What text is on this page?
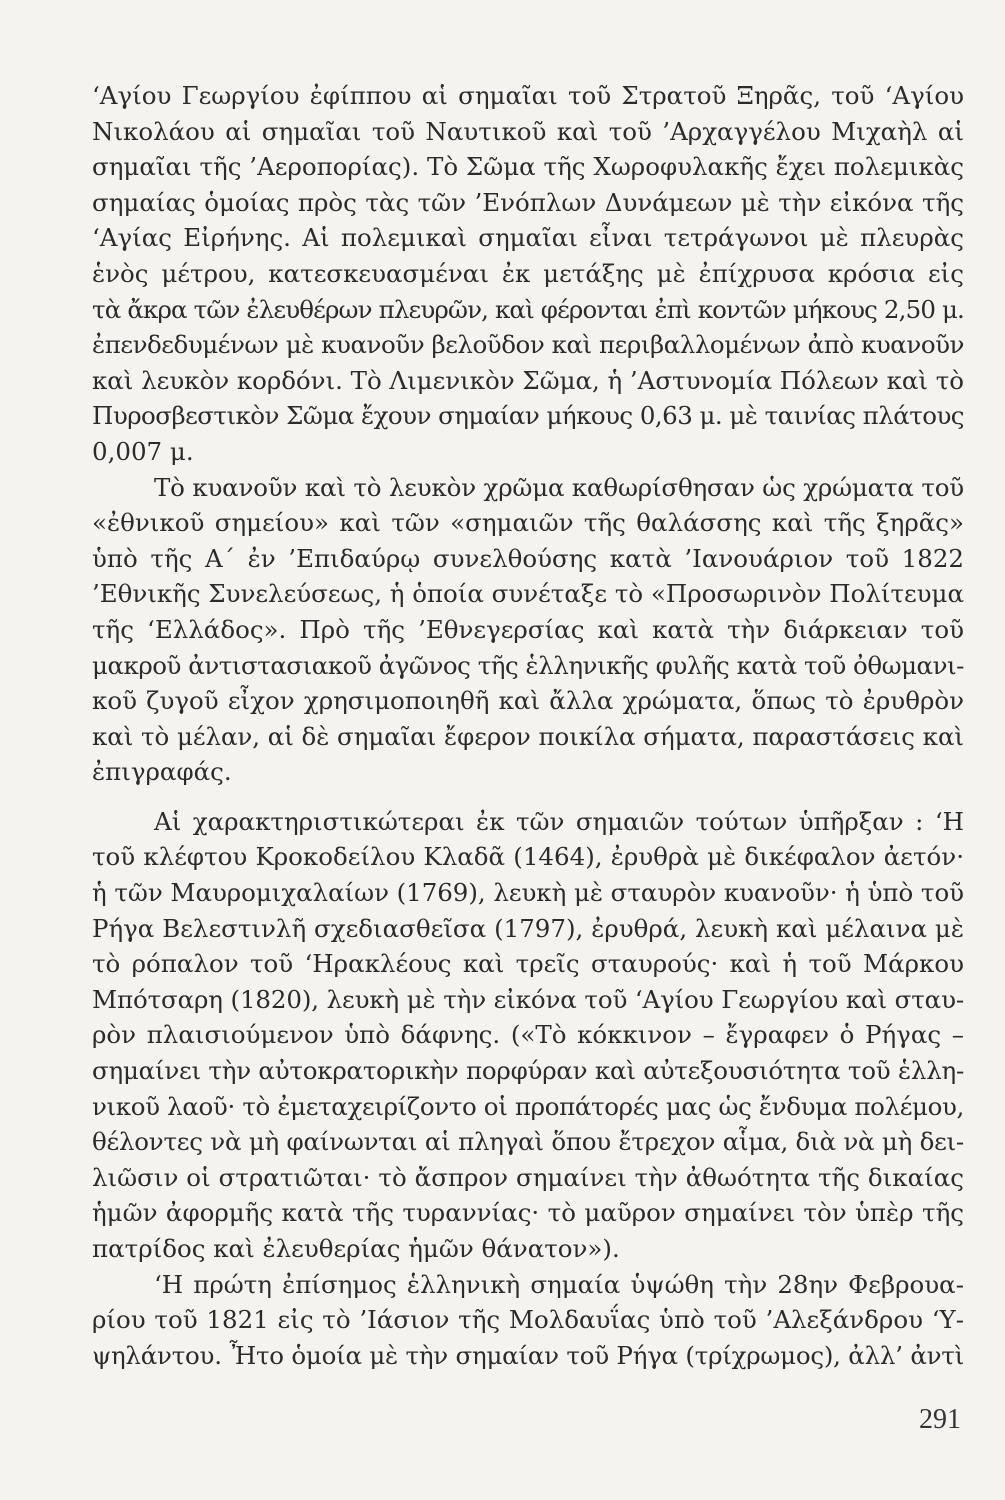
‘Αγίου Γεωργίου ἐφίππου αἱ σημαῖαι τοῦ Στρατοῦ Ξηρᾶς, τοῦ ‘Αγίου
Νικολάου αἱ σημαῖαι τοῦ Ναυτικοῦ καὶ τοῦ ’Αρχαγγέλου Μιχαὴλ αἱ
σημαῖαι τῆς ’Αεροπορίας). Τὸ Σῶμα τῆς Χωροφυλακῆς ἔχει πολεμικὰς
σημαίας ὁμοίας πρὸς τὰς τῶν ’Ενόπλων Δυνάμεων μὲ τὴν εἰκόνα τῆς
‘Αγίας Εἰρήνης. Αἱ πολεμικαὶ σημαῖαι εἶναι τετράγωνοι μὲ πλευρὰς
ἑνὸς μέτρου, κατεσκευασμέναι ἐκ μετάξης μὲ ἐπίχρυσα κρόσια εἰς
τὰ ἄκρα τῶν ἐλευθέρων πλευρῶν, καὶ φέρονται ἐπὶ κοντῶν μήκους 2,50 μ.
ἐπενδεδυμένων μὲ κυανοῦν βελοῦδον καὶ περιβαλλομένων ἀπὸ κυανοῦν
καὶ λευκὸν κορδόνι. Τὸ Λιμενικὸν Σῶμα, ἡ ’Αστυνομία Πόλεων καὶ τὸ
Πυροσβεστικὸν Σῶμα ἔχουν σημαίαν μήκους 0,63 μ. μὲ ταινίας πλάτους
0,007 μ.
Τὸ κυανοῦν καὶ τὸ λευκὸν χρῶμα καθωρίσθησαν ὡς χρώματα τοῦ
«ἐθνικοῦ σημείου» καὶ τῶν «σημαιῶν τῆς θαλάσσης καὶ τῆς ξηρᾶς»
ὑπὸ τῆς Α΄ ἐν ’Επιδαύρῳ συνελθούσης κατὰ ’Ιανουάριον τοῦ 1822
’Εθνικῆς Συνελεύσεως, ἡ ὁποία συνέταξε τὸ «Προσωρινὸν Πολίτευμα
τῆς ‘Ελλάδος». Πρὸ τῆς ’Εθνεγερσίας καὶ κατὰ τὴν διάρκειαν τοῦ
μακροῦ ἀντιστασιακοῦ ἀγῶνος τῆς ἑλληνικῆς φυλῆς κατὰ τοῦ ὀθωμανι-
κοῦ ζυγοῦ εἶχον χρησιμοποιηθῆ καὶ ἄλλα χρώματα, ὅπως τὸ ἐρυθρὸν
καὶ τὸ μέλαν, αἱ δὲ σημαῖαι ἔφερον ποικίλα σήματα, παραστάσεις καὶ
ἐπιγραφάς.
Αἱ χαρακτηριστικώτεραι ἐκ τῶν σημαιῶν τούτων ὑπῆρξαν : ‘Η
τοῦ κλέφτου Κροκοδείλου Κλαδᾶ (1464), ἐρυθρὰ μὲ δικέφαλον ἀετόν·
ἡ τῶν Μαυρομιχαλαίων (1769), λευκὴ μὲ σταυρὸν κυανοῦν· ἡ ὑπὸ τοῦ
Ρήγα Βελεστινλῆ σχεδιασθεῖσα (1797), ἐρυθρά, λευκὴ καὶ μέλαινα μὲ
τὸ ρόπαλον τοῦ ‘Ηρακλέους καὶ τρεῖς σταυρούς· καὶ ἡ τοῦ Μάρκου
Μπότσαρη (1820), λευκὴ μὲ τὴν εἰκόνα τοῦ ‘Αγίου Γεωργίου καὶ σταυ-
ρὸν πλαισιούμενον ὑπὸ δάφνης. («Τὸ κόκκινον – ἔγραφεν ὁ Ρήγας –
σημαίνει τὴν αὐτοκρατορικὴν πορφύραν καὶ αὐτεξουσιότητα τοῦ ἑλλη-
νικοῦ λαοῦ· τὸ ἐμεταχειρίζοντο οἱ προπάτορές μας ὡς ἔνδυμα πολέμου,
θέλοντες νὰ μὴ φαίνωνται αἱ πληγαὶ ὅπου ἔτρεχον αἷμα, διὰ νὰ μὴ δει-
λιῶσιν οἱ στρατιῶται· τὸ ἄσπρον σημαίνει τὴν ἀθωότητα τῆς δικαίας
ἡμῶν ἀφορμῆς κατὰ τῆς τυραννίας· τὸ μαῦρον σημαίνει τὸν ὑπὲρ τῆς
πατρίδος καὶ ἐλευθερίας ἡμῶν θάνατον»).
‘Η πρώτη ἐπίσημος ἑλληνικὴ σημαία ὑψώθη τὴν 28ην Φεβρουα-
ρίου τοῦ 1821 εἰς τὸ ’Ιάσιον τῆς Μολδαυΐας ὑπὸ τοῦ ’Αλεξάνδρου ‘Υ-
ψηλάντου. Ἦτο ὁμοία μὲ τὴν σημαίαν τοῦ Ρήγα (τρίχρωμος), ἀλλ’ ἀντὶ
291
